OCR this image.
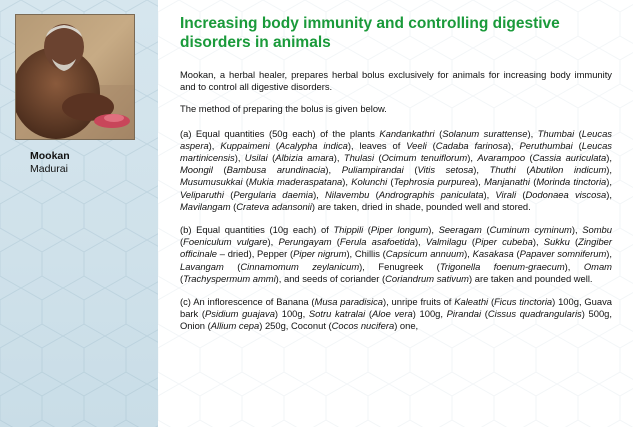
Mookan
Madurai
Increasing body immunity and controlling digestive disorders in animals

Mookan, a herbal healer, prepares herbal bolus exclusively for animals for increasing body immunity and to control all digestive disorders.

The method of preparing the bolus is given below.

(a) Equal quantities (50g each) of the plants Kandankathri (Solanum surattense), Thumbai (Leucas aspera), Kuppaimeni (Acalypha indica), leaves of Veeli (Cadaba farinosa), Peruthumbai (Leucas martinicensis), Usilai (Albizia amara), Thulasi (Ocimum tenuiflorum), Avarampoo (Cassia auriculata), Moongil (Bambusa arundinacia), Puliampirandai (Vitis setosa), Thuthi (Abutilon indicum), Musumusukkai (Mukia maderaspatana), Kolunchi (Tephrosia purpurea), Manjanathi (Morinda tinctoria), Veliparuthi (Pergularia daemia), Nilavembu (Andrographis paniculata), Virali (Dodonaea viscosa), Mavilangam (Crateva adansonii) are taken, dried in shade, pounded well and stored.

(b) Equal quantities (10g each) of Thippili (Piper longum), Seeragam (Cuminum cyminum), Sombu (Foeniculum vulgare), Perungayam (Ferula asafoetida), Valmilagu (Piper cubeba), Sukku (Zingiber officinale – dried), Pepper (Piper nigrum), Chillis (Capsicum annuum), Kasakasa (Papaver somniferum), Lavangam (Cinnamomum zeylanicum), Fenugreek (Trigonella foenum-graecum), Omam (Trachyspermum ammi), and seeds of coriander (Coriandrum sativum) are taken and pounded well.

(c) An inflorescence of Banana (Musa paradisica), unripe fruits of Kaleathi (Ficus tinctoria) 100g, Guava bark (Psidium guajava) 100g, Sotru katralai (Aloe vera) 100g, Pirandai (Cissus quadrangularis) 500g, Onion (Allium cepa) 250g, Coconut (Cocos nucifera) one,
